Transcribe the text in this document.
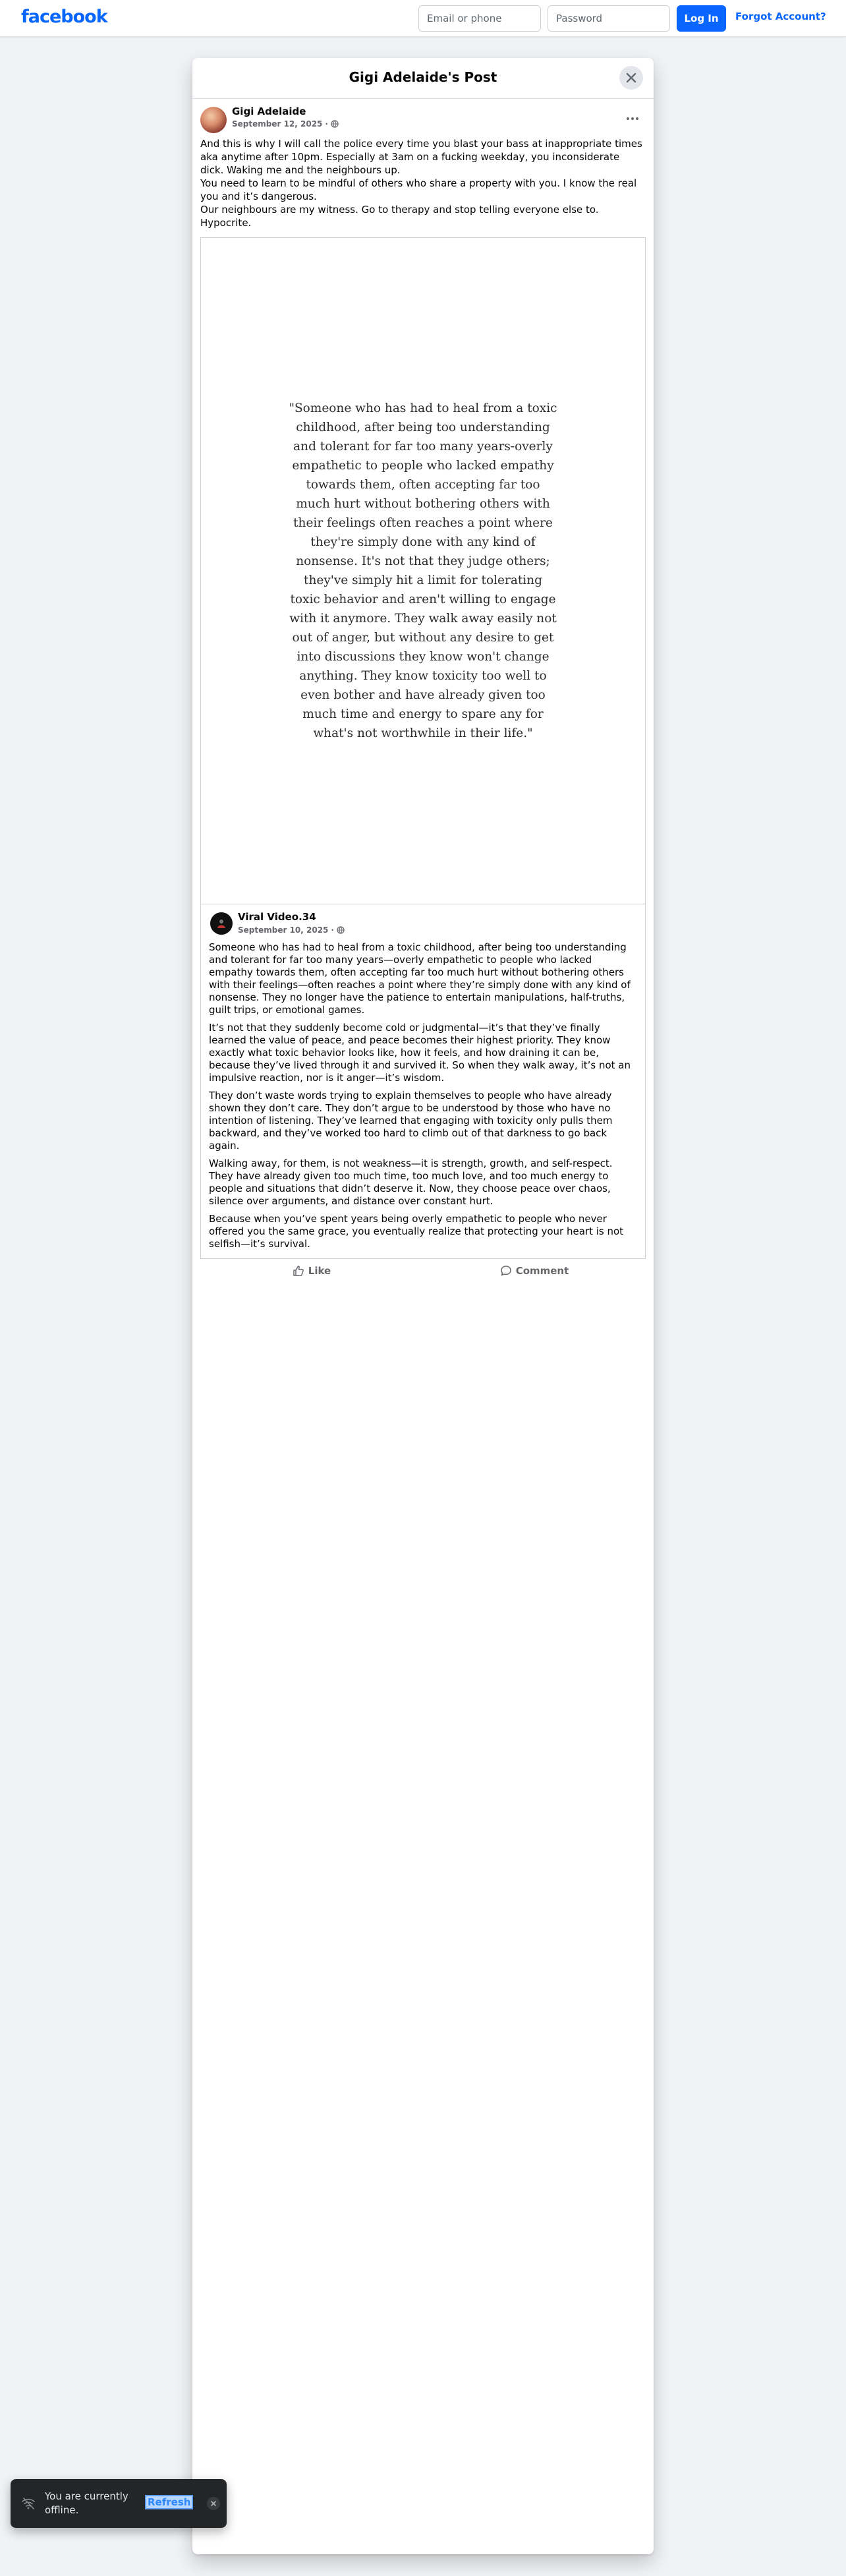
facebook
Email or phone	Log In	Forgot Account?
Gigi Adelaide's Post
Gigi Adelaide
September 12, 2025 ·

And this is why I will call the police every time you blast your bass at inappropriate times aka anytime after 10pm. Especially at 3am on a fucking weekday, you inconsiderate dick. Waking me and the neighbours up.

You need to learn to be mindful of others who share a property with you. I know the real you and it’s dangerous.

Our neighbours are my witness. Go to therapy and stop telling everyone else to. Hypocrite.

"Someone who has had to heal from a toxic childhood, after being too understanding and tolerant for far too many years-overly empathetic to people who lacked empathy towards them, often accepting far too much hurt without bothering others with their feelings often reaches a point where they're simply done with any kind of nonsense. It's not that they judge others; they've simply hit a limit for tolerating toxic behavior and aren't willing to engage with it anymore. They walk away easily not out of anger, but without any desire to get into discussions they know won't change anything. They know toxicity too well to even bother and have already given too much time and energy to spare any for what's not worthwhile in their life."
Viral Video.34
September 10, 2025 ·

Someone who has had to heal from a toxic childhood, after being too understanding and tolerant for far too many years—overly empathetic to people who lacked empathy towards them, often accepting far too much hurt without bothering others with their feelings—often reaches a point where they’re simply done with any kind of nonsense. They no longer have the patience to entertain manipulations, half-truths, guilt trips, or emotional games.

It’s not that they suddenly become cold or judgmental—it’s that they’ve finally learned the value of peace, and peace becomes their highest priority. They know exactly what toxic behavior looks like, how it feels, and how draining it can be, because they’ve lived through it and survived it. So when they walk away, it’s not an impulsive reaction, nor is it anger—it’s wisdom.

They don’t waste words trying to explain themselves to people who have already shown they don’t care. They don’t argue to be understood by those who have no intention of listening. They’ve learned that engaging with toxicity only pulls them backward, and they’ve worked too hard to climb out of that darkness to go back again.

Walking away, for them, is not weakness—it is strength, growth, and self-respect. They have already given too much time, too much love, and too much energy to people and situations that didn’t deserve it. Now, they choose peace over chaos, silence over arguments, and distance over constant hurt.

Because when you’ve spent years being overly empathetic to people who never offered you the same grace, you eventually realize that protecting your heart is not selfish—it’s survival.

Like	Comment
You are currently offline.
Refresh
